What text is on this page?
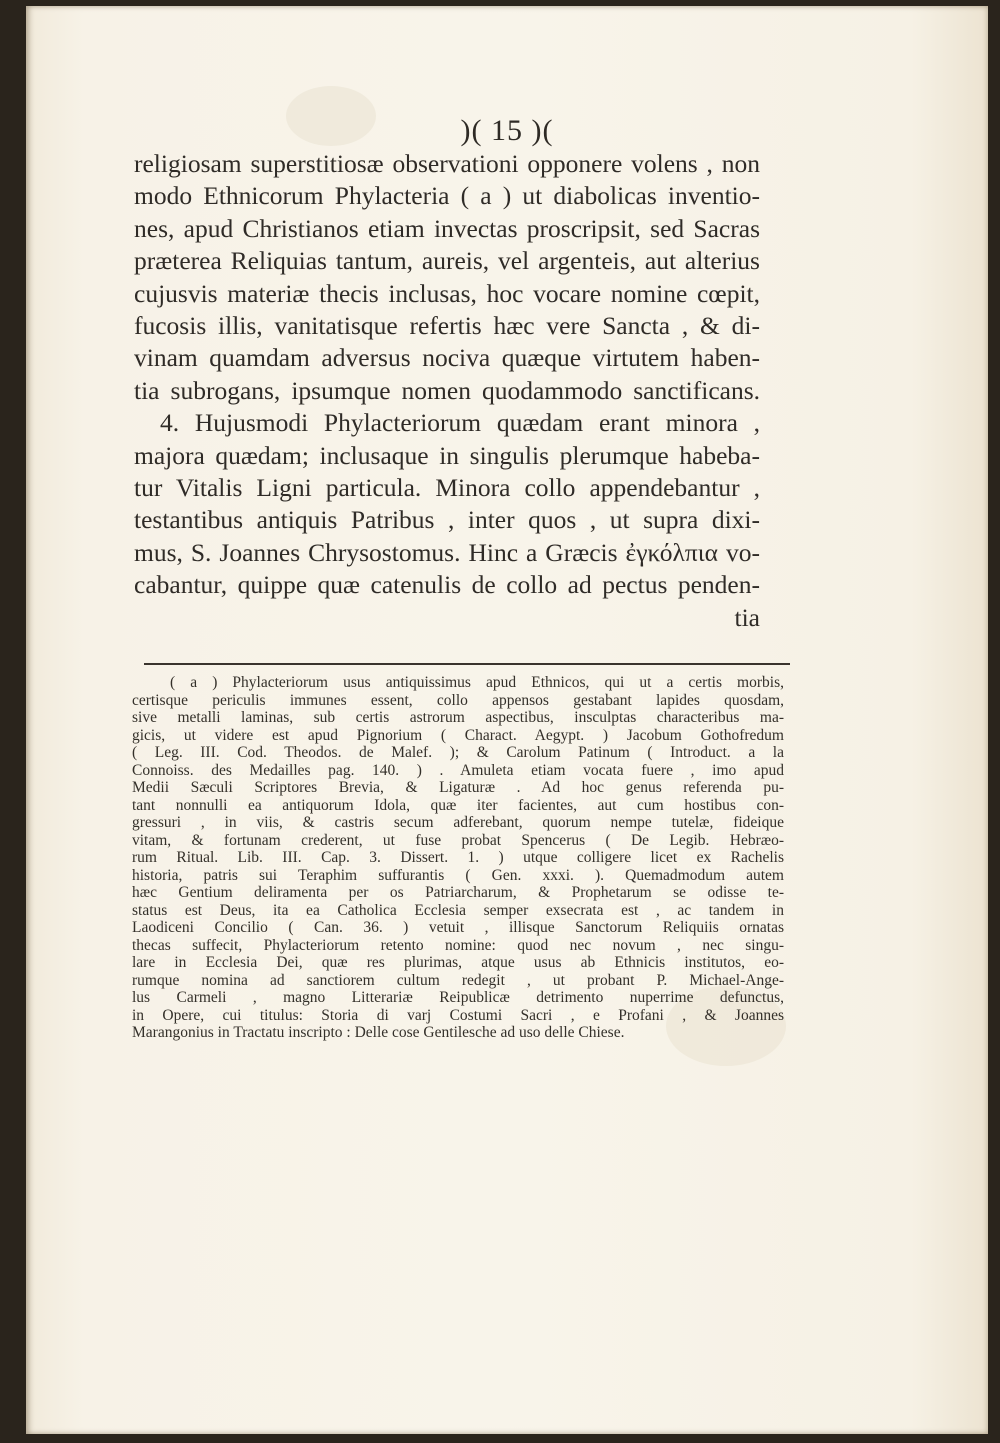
)( 15 )(
religiosam superstitiosæ observationi opponere volens , non
modo Ethnicorum Phylacteria ( a ) ut diabolicas inventio-
nes, apud Christianos etiam invectas proscripsit, sed Sacras
præterea Reliquias tantum, aureis, vel argenteis, aut alterius
cujusvis materiæ thecis inclusas, hoc vocare nomine cœpit,
fucosis illis, vanitatisque refertis hæc vere Sancta , & di-
vinam quamdam adversus nociva quæque virtutem haben-
tia subrogans, ipsumque nomen quodammodo sanctificans.
4. Hujusmodi Phylacteriorum quædam erant minora ,
majora quædam; inclusaque in singulis plerumque habeba-
tur Vitalis Ligni particula. Minora collo appendebantur ,
testantibus antiquis Patribus , inter quos , ut supra dixi-
mus, S. Joannes Chrysostomus. Hinc a Græcis ἐγκόλπια vo-
cabantur, quippe quæ catenulis de collo ad pectus penden-
tia
( a ) Phylacteriorum usus antiquissimus apud Ethnicos, qui ut a certis morbis,
certisque periculis immunes essent, collo appensos gestabant lapides quosdam,
sive metalli laminas, sub certis astrorum aspectibus, insculptas characteribus ma-
gicis, ut videre est apud Pignorium ( Charact. Aegypt. ) Jacobum Gothofredum
( Leg. III. Cod. Theodos. de Malef. ); & Carolum Patinum ( Introduct. a la
Connoiss. des Medailles pag. 140. ) . Amuleta etiam vocata fuere , imo apud
Medii Sæculi Scriptores Brevia, & Ligaturæ . Ad hoc genus referenda pu-
tant nonnulli ea antiquorum Idola, quæ iter facientes, aut cum hostibus con-
gressuri , in viis, & castris secum adferebant, quorum nempe tutelæ, fideique
vitam, & fortunam crederent, ut fuse probat Spencerus ( De Legib. Hebræo-
rum Ritual. Lib. III. Cap. 3. Dissert. 1. ) utque colligere licet ex Rachelis
historia, patris sui Teraphim suffurantis ( Gen. xxxi. ). Quemadmodum autem
hæc Gentium deliramenta per os Patriarcharum, & Prophetarum se odisse te-
status est Deus, ita ea Catholica Ecclesia semper exsecrata est , ac tandem in
Laodiceni Concilio ( Can. 36. ) vetuit , illisque Sanctorum Reliquiis ornatas
thecas suffecit, Phylacteriorum retento nomine: quod nec novum , nec singu-
lare in Ecclesia Dei, quæ res plurimas, atque usus ab Ethnicis institutos, eo-
rumque nomina ad sanctiorem cultum redegit , ut probant P. Michael-Ange-
lus Carmeli , magno Litterariæ Reipublicæ detrimento nuperrime defunctus,
in Opere, cui titulus: Storia di varj Costumi Sacri , e Profani , & Joannes
Marangonius in Tractatu inscripto : Delle cose Gentilesche ad uso delle Chiese.
